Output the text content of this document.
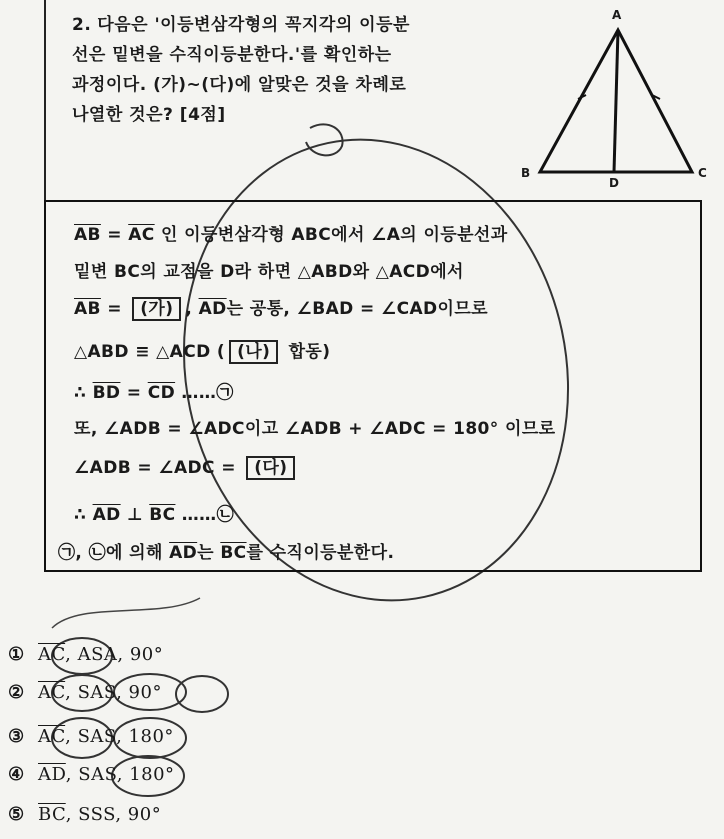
2. 다음은 '이등변삼각형의 꼭지각의 이등분
선은 밑변을 수직이등분한다.'를 확인하는
과정이다. (가)~(다)에 알맞은 것을 차례로
나열한 것은? [4점]
A
B	C
D
$\overline{AB} = \overline{AC}$ 인 이등변삼각형 ABC에서 ∠A의 이등분선과
밑변 BC의 교점을 D라 하면 △ABD와 △ACD에서
$\overline{AB}$ = (가) , $\overline{AD}$는 공통, ∠BAD = ∠CAD이므로
△ABD ≡ △ACD ( (나) 합동)
∴ $\overline{BD} = \overline{CD}$ ……㉠
또, ∠ADB = ∠ADC이고 ∠ADB + ∠ADC = 180° 이므로
∠ADB = ∠ADC = (다)
∴ $\overline{AD}$ ⊥ $\overline{BC}$ ……㉡
㉠, ㉡에 의해 $\overline{AD}$는 $\overline{BC}$를 수직이등분한다.
① $\overline{AC}$, ASA, 90°
② $\overline{AC}$, SAS, 90°
③ $\overline{AC}$, SAS, 180°
④ $\overline{AD}$, SAS, 180°
⑤ $\overline{BC}$, SSS, 90°
